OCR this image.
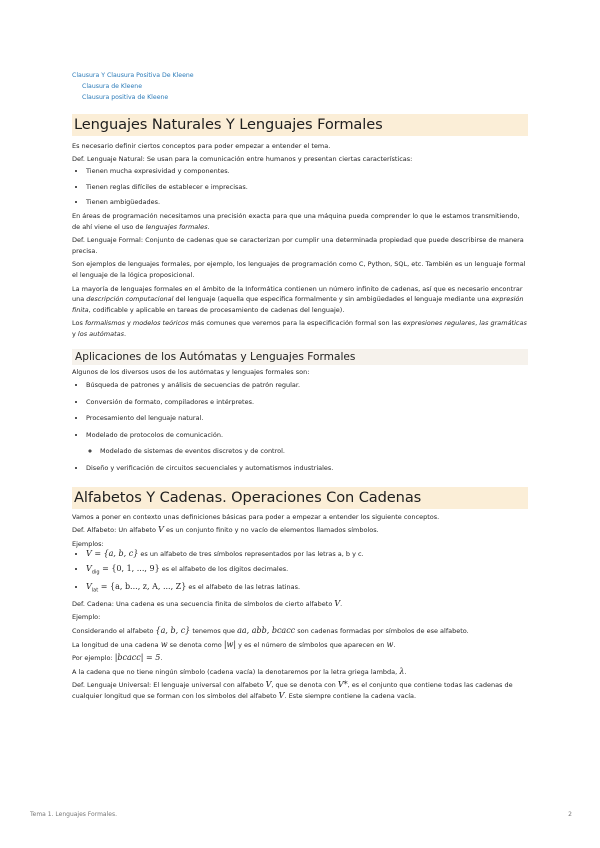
Clausura Y Clausura Positiva De Kleene
Clausura de Kleene
Clausura positiva de Kleene
Lenguajes Naturales Y Lenguajes Formales

Es necesario definir ciertos conceptos para poder empezar a entender el tema.

Def. Lenguaje Natural: Se usan para la comunicación entre humanos y presentan ciertas características:

• Tienen mucha expresividad y componentes.
• Tienen reglas difíciles de establecer e imprecisas.
• Tienen ambigüedades.

En áreas de programación necesitamos una precisión exacta para que una máquina pueda comprender lo que le estamos transmitiendo, de ahí viene el uso de lenguajes formales.

Def. Lenguaje Formal: Conjunto de cadenas que se caracterizan por cumplir una determinada propiedad que puede describirse de manera precisa.

Son ejemplos de lenguajes formales, por ejemplo, los lenguajes de programación como C, Python, SQL, etc. También es un lenguaje formal el lenguaje de la lógica proposicional.

La mayoría de lenguajes formales en el ámbito de la Informática contienen un número infinito de cadenas, así que es necesario encontrar una descripción computacional del lenguaje (aquella que especifica formalmente y sin ambigüedades el lenguaje mediante una expresión finita, codificable y aplicable en tareas de procesamiento de cadenas del lenguaje).

Los formalismos y modelos teóricos más comunes que veremos para la especificación formal son las expresiones regulares, las gramáticas y los autómatas.

Aplicaciones de los Autómatas y Lenguajes Formales

Algunos de los diversos usos de los autómatas y lenguajes formales son:

• Búsqueda de patrones y análisis de secuencias de patrón regular.
• Conversión de formato, compiladores e intérpretes.
• Procesamiento del lenguaje natural.
• Modelado de protocolos de comunicación.
◦ Modelado de sistemas de eventos discretos y de control.
• Diseño y verificación de circuitos secuenciales y automatismos industriales.
Alfabetos Y Cadenas. Operaciones Con Cadenas

Vamos a poner en contexto unas definiciones básicas para poder a empezar a entender los siguiente conceptos.

Def. Alfabeto: Un alfabeto V es un conjunto finito y no vacío de elementos llamados símbolos.

Ejemplos:

• V = {a, b, c} es un alfabeto de tres símbolos representados por las letras a, b y c.
• $V_{dig} = \{0$, 1, ..., 9} es el alfabeto de los dígitos decimales.
• $V_{lat} = \{a$, b..., z, A, ..., Z} es el alfabeto de las letras latinas.

Def. Cadena: Una cadena es una secuencia finita de símbolos de cierto alfabeto V.

Ejemplo:

Considerando el alfabeto {a, b, c} tenemos que aa, abb, bcacc son cadenas formadas por símbolos de ese alfabeto.

La longitud de una cadena w se denota como |w| y es el número de símbolos que aparecen en w.

Por ejemplo: |bcacc| = 5.

A la cadena que no tiene ningún símbolo (cadena vacía) la denotaremos por la letra griega lambda, λ.

Def. Lenguaje Universal: El lenguaje universal con alfabeto V, que se denota con V*, es el conjunto que contiene todas las cadenas de cualquier longitud que se forman con los símbolos del alfabeto V. Este siempre contiene la cadena vacía.

Tema 1. Lenguajes Formales.	2
